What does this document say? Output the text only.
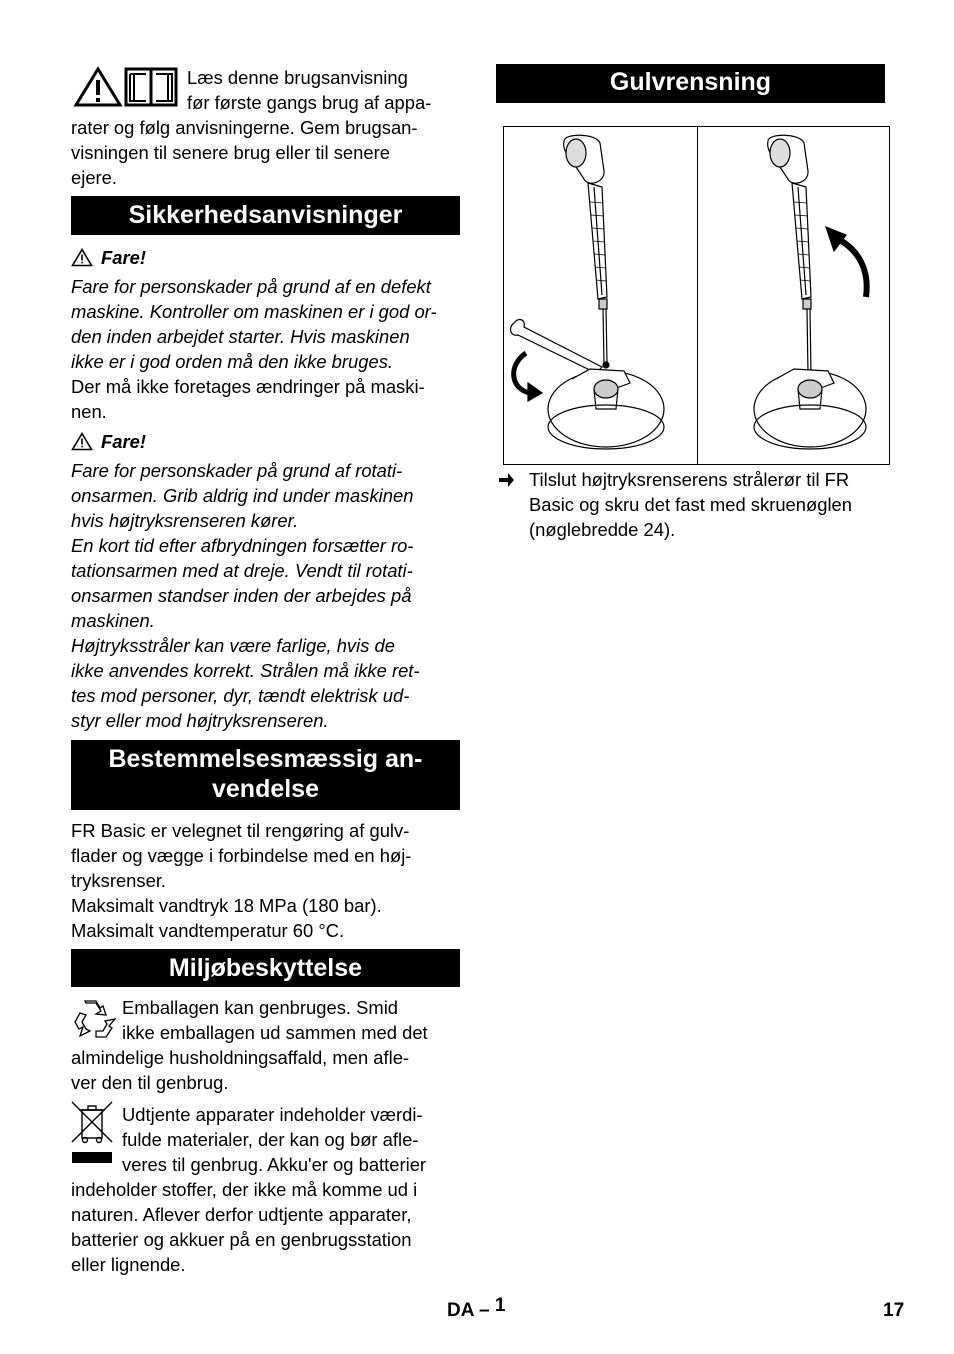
Læs denne brugsanvisning

før første gangs brug af appa-

rater og følg anvisningerne. Gem brugsan-

visningen til senere brug eller til senere

ejere.

Sikkerhedsanvisninger
Fare!

Fare for personskader på grund af en defekt

maskine. Kontroller om maskinen er i god or-

den inden arbejdet starter. Hvis maskinen

ikke er i god orden må den ikke bruges.

Der må ikke foretages ændringer på maski-

nen.

Fare!

Fare for personskader på grund af rotati-

onsarmen. Grib aldrig ind under maskinen

hvis højtryksrenseren kører.

En kort tid efter afbrydningen forsætter ro-

tationsarmen med at dreje. Vendt til rotati-

onsarmen standser inden der arbejdes på

maskinen.

Højtryksstråler kan være farlige, hvis de

ikke anvendes korrekt. Strålen må ikke ret-

tes mod personer, dyr, tændt elektrisk ud-

styr eller mod højtryksrenseren.

Bestemmelsesmæssig an-
vendelse

FR Basic er velegnet til rengøring af gulv-

flader og vægge i forbindelse med en høj-

tryksrenser.

Maksimalt vandtryk 18 MPa (180 bar).

Maksimalt vandtemperatur 60 °C.

Miljøbeskyttelse

Emballagen kan genbruges. Smid

ikke emballagen ud sammen med det

almindelige husholdningsaffald, men afle-

ver den til genbrug.

Udtjente apparater indeholder værdi-

fulde materialer, der kan og bør afle-

veres til genbrug. Akku'er og batterier

indeholder stoffer, der ikke må komme ud i

naturen. Aflever derfor udtjente apparater,

batterier og akkuer på en genbrugsstation

eller lignende.

Gulvrensning

Tilslut højtryksrenserens strålerør til FR

Basic og skru det fast med skruenøglen

(nøglebredde 24).

DA – 1	17
